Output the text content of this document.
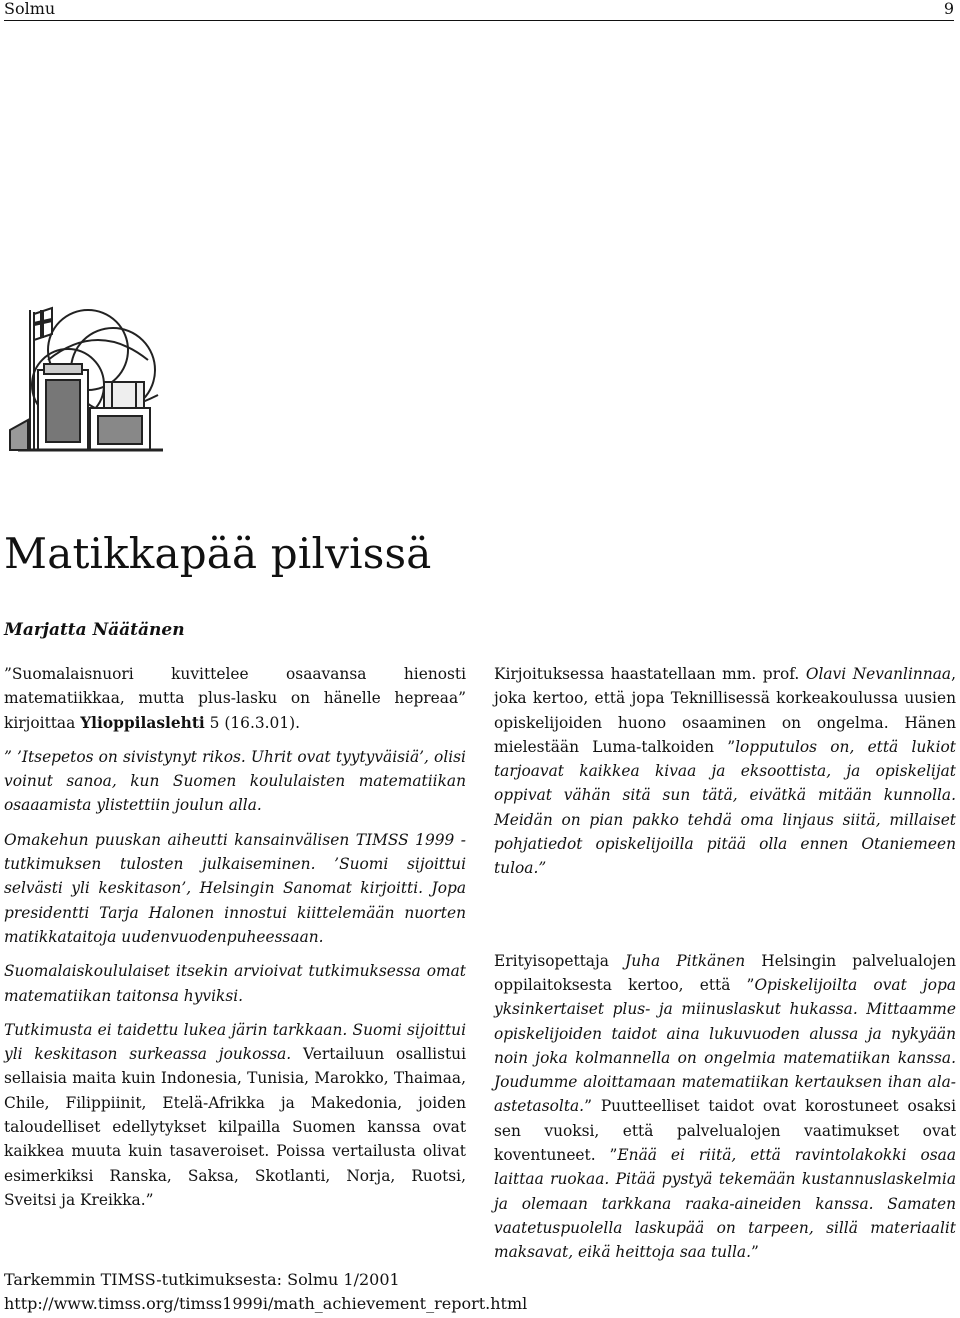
Solmu	9
Matikkapää pilvissä
Marjatta Näätänen

”Suomalaisnuori kuvittelee osaavansa hienosti matematiikkaa, mutta plus-lasku on hänelle hepreaa” kirjoittaa Ylioppilaslehti 5 (16.3.01).

” ’Itsepetos on sivistynyt rikos. Uhrit ovat tyytyväisiä’, olisi voinut sanoa, kun Suomen koululaisten matematiikan osaaamista ylistettiin joulun alla.

Omakehun puuskan aiheutti kansainvälisen TIMSS 1999 -tutkimuksen tulosten julkaiseminen. ’Suomi sijoittui selvästi yli keskitason’, Helsingin Sanomat kirjoitti. Jopa presidentti Tarja Halonen innostui kiittelemään nuorten matikkataitoja uudenvuodenpuheessaan.

Suomalaiskoululaiset itsekin arvioivat tutkimuksessa omat matematiikan taitonsa hyviksi.

Tutkimusta ei taidettu lukea järin tarkkaan. Suomi sijoittui yli keskitason surkeassa joukossa. Vertailuun osallistui sellaisia maita kuin Indonesia, Tunisia, Marokko, Thaimaa, Chile, Filippiinit, Etelä-Afrikka ja Makedonia, joiden taloudelliset edellytykset kilpailla Suomen kanssa ovat kaikkea muuta kuin tasaveroiset. Poissa vertailusta olivat esimerkiksi Ranska, Saksa, Skotlanti, Norja, Ruotsi, Sveitsi ja Kreikka.”

Kirjoituksessa haastatellaan mm. prof. Olavi Nevanlinnaa, joka kertoo, että jopa Teknillisessä korkeakoulussa uusien opiskelijoiden huono osaaminen on ongelma. Hänen mielestään Luma-talkoiden ”lopputulos on, että lukiot tarjoavat kaikkea kivaa ja eksoottista, ja opiskelijat oppivat vähän sitä sun tätä, eivätkä mitään kunnolla. Meidän on pian pakko tehdä oma linjaus siitä, millaiset pohjatiedot opiskelijoilla pitää olla ennen Otaniemeen tuloa.”

Erityisopettaja Juha Pitkänen Helsingin palvelualojen oppilaitoksesta kertoo, että ”Opiskelijoilta ovat jopa yksinkertaiset plus- ja miinuslaskut hukassa. Mittaamme opiskelijoiden taidot aina lukuvuoden alussa ja nykyään noin joka kolmannella on ongelmia matematiikan kanssa. Joudumme aloittamaan matematiikan kertauksen ihan ala-astetasolta.” Puutteelliset taidot ovat korostuneet osaksi sen vuoksi, että palvelualojen vaatimukset ovat koventuneet. ”Enää ei riitä, että ravintolakokki osaa laittaa ruokaa. Pitää pystyä tekemään kustannuslaskelmia ja olemaan tarkkana raaka-aineiden kanssa. Samaten vaatetuspuolella laskupää on tarpeen, sillä materiaalit maksavat, eikä heittoja saa tulla.”

Tarkemmin TIMSS-tutkimuksesta: Solmu 1/2001
http://www.timss.org/timss1999i/math_achievement_report.html
